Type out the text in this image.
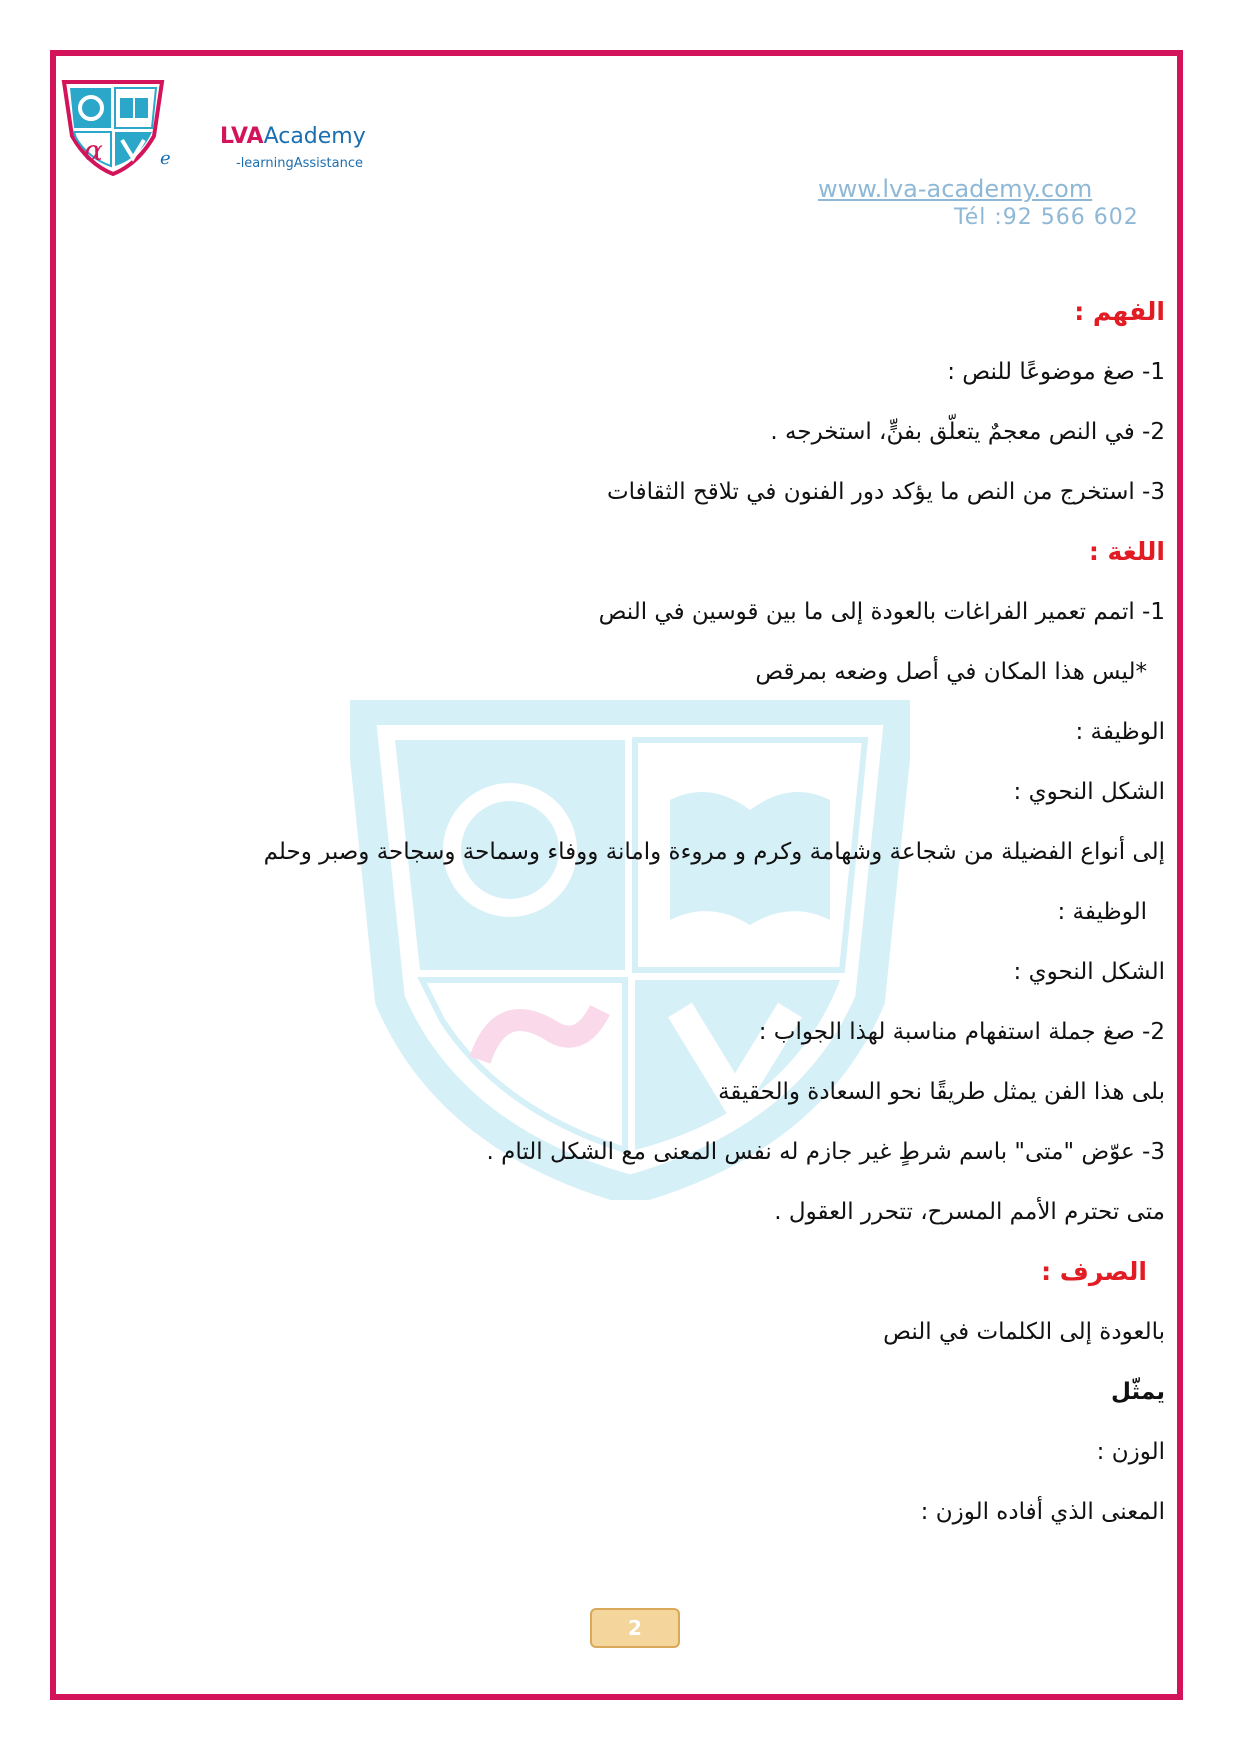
α	e
LVAAcademy
-learningAssistance
www.lva-academy.com
Tél :92 566 602
الفهم :
1- صغ موضوعًا للنص :
2- في النص معجمٌ يتعلّق بفنٍّ، استخرجه .
3- استخرج من النص ما يؤكد دور الفنون في تلاقح الثقافات
اللغة :
1- اتمم تعمير الفراغات بالعودة إلى ما بين قوسين في النص
*ليس هذا المكان في أصل وضعه بمرقص
الوظيفة :
الشكل النحوي :
إلى أنواع الفضيلة من شجاعة وشهامة وكرم و مروءة وامانة ووفاء وسماحة وسجاحة وصبر وحلم
الوظيفة :
الشكل النحوي :
2- صغ جملة استفهام مناسبة لهذا الجواب :
بلى هذا الفن يمثل طريقًا نحو السعادة والحقيقة
3- عوّض "متى" باسم شرطٍ غير جازم له نفس المعنى مع الشكل التام .
متى تحترم الأمم المسرح، تتحرر العقول .
الصرف :
بالعودة إلى الكلمات في النص
يمثّل
الوزن :
المعنى الذي أفاده الوزن :
2
